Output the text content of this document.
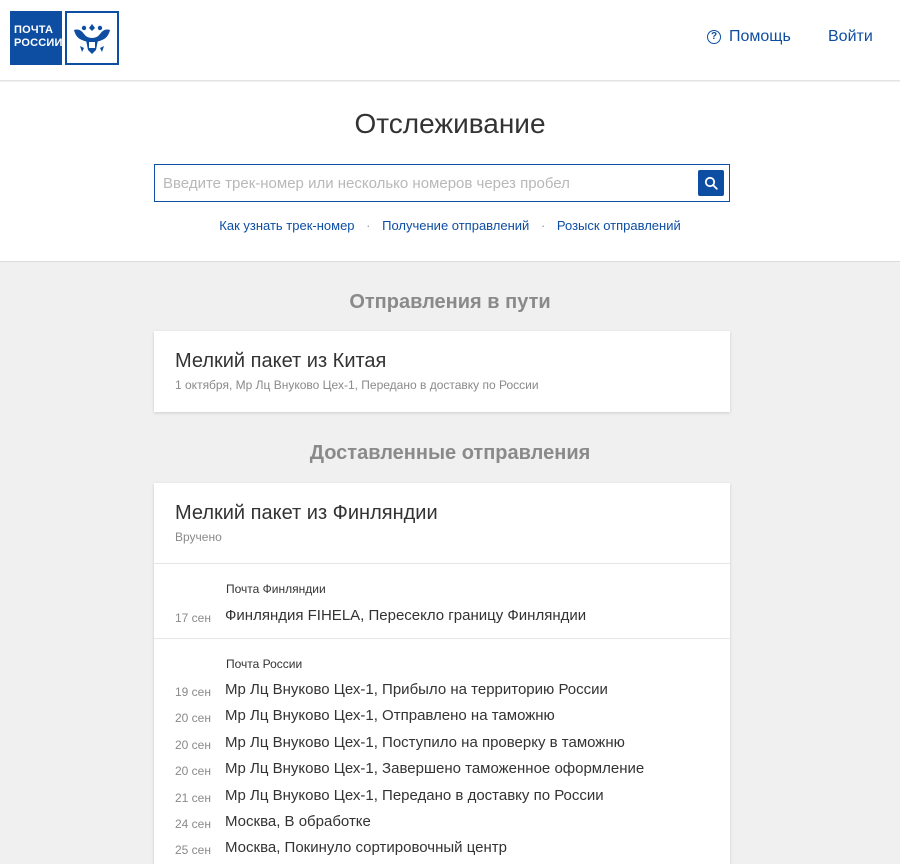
ПОЧТА
РОССИИ
? Помощь Войти
Отслеживание
Введите трек-номер или несколько номеров через пробел
Как узнать трек-номер · Получение отправлений · Розыск отправлений
Отправления в пути
Мелкий пакет из Китая
1 октября, Мр Лц Внуково Цех-1, Передано в доставку по России
Доставленные отправления
Мелкий пакет из Финляндии
Вручено
Почта Финляндии
17 сен Финляндия FIHELA, Пересекло границу Финляндии
Почта России
19 сен Мр Лц Внуково Цех-1, Прибыло на территорию России
20 сен Мр Лц Внуково Цех-1, Отправлено на таможню
20 сен Мр Лц Внуково Цех-1, Поступило на проверку в таможню
20 сен Мр Лц Внуково Цех-1, Завершено таможенное оформление
21 сен Мр Лц Внуково Цех-1, Передано в доставку по России
24 сен Москва, В обработке
25 сен Москва, Покинуло сортировочный центр
